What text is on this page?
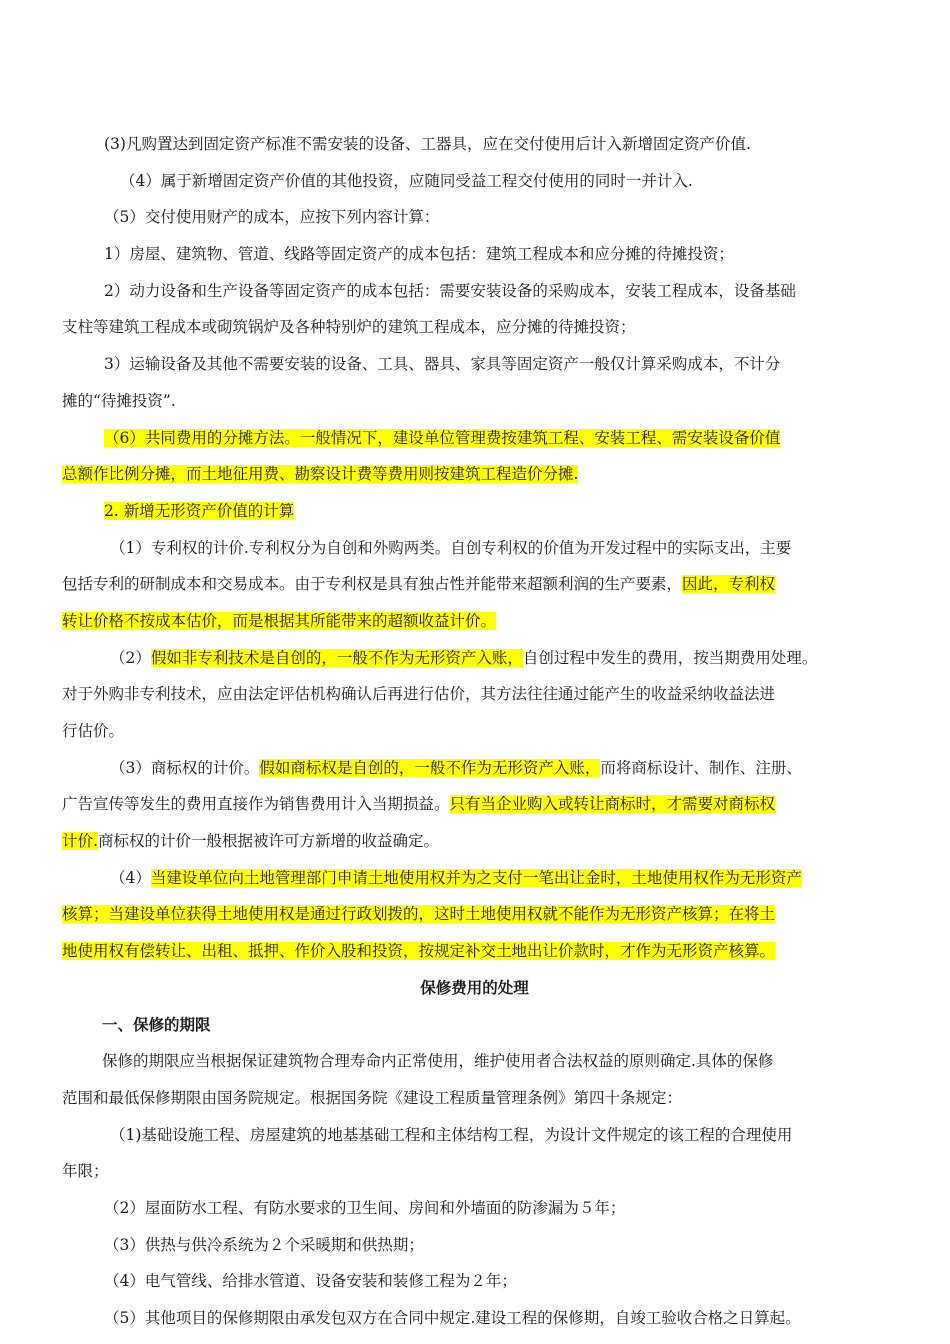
(3)凡购置达到固定资产标准不需安装的设备、工器具，应在交付使用后计入新增固定资产价值.
（4）属于新增固定资产价值的其他投资，应随同受益工程交付使用的同时一并计入.
（5）交付使用财产的成本，应按下列内容计算：
1）房屋、建筑物、管道、线路等固定资产的成本包括：建筑工程成本和应分摊的待摊投资；
2）动力设备和生产设备等固定资产的成本包括：需要安装设备的采购成本，安装工程成本，设备基础
支柱等建筑工程成本或砌筑锅炉及各种特别炉的建筑工程成本，应分摊的待摊投资；
3）运输设备及其他不需要安装的设备、工具、器具、家具等固定资产一般仅计算采购成本，不计分
摊的“待摊投资”.
（6）共同费用的分摊方法。一般情况下，建设单位管理费按建筑工程、安装工程、需安装设备价值
总额作比例分摊，而土地征用费、勘察设计费等费用则按建筑工程造价分摊.
2. 新增无形资产价值的计算
（1）专利权的计价.专利权分为自创和外购两类。自创专利权的价值为开发过程中的实际支出，主要
包括专利的研制成本和交易成本。由于专利权是具有独占性并能带来超额利润的生产要素，因此，专利权
转让价格不按成本估价，而是根据其所能带来的超额收益计价。
（2）假如非专利技术是自创的，一般不作为无形资产入账，自创过程中发生的费用，按当期费用处理。
对于外购非专利技术，应由法定评估机构确认后再进行估价，其方法往往通过能产生的收益采纳收益法进
行估价。
（3）商标权的计价。假如商标权是自创的，一般不作为无形资产入账，而将商标设计、制作、注册、
广告宣传等发生的费用直接作为销售费用计入当期损益。只有当企业购入或转让商标时，才需要对商标权
计价.商标权的计价一般根据被许可方新增的收益确定。
（4）当建设单位向土地管理部门申请土地使用权并为之支付一笔出让金时，土地使用权作为无形资产
核算；当建设单位获得土地使用权是通过行政划拨的，这时土地使用权就不能作为无形资产核算；在将土
地使用权有偿转让、出租、抵押、作价入股和投资，按规定补交土地出让价款时，才作为无形资产核算。
保修费用的处理
一、保修的期限
保修的期限应当根据保证建筑物合理寿命内正常使用，维护使用者合法权益的原则确定.具体的保修
范围和最低保修期限由国务院规定。根据国务院《建设工程质量管理条例》第四十条规定：
（1)基础设施工程、房屋建筑的地基基础工程和主体结构工程，为设计文件规定的该工程的合理使用
年限；
（2）屋面防水工程、有防水要求的卫生间、房间和外墙面的防渗漏为５年；
（3）供热与供冷系统为２个采暖期和供热期；
（4）电气管线、给排水管道、设备安装和装修工程为２年；
（5）其他项目的保修期限由承发包双方在合同中规定.建设工程的保修期，自竣工验收合格之日算起。
